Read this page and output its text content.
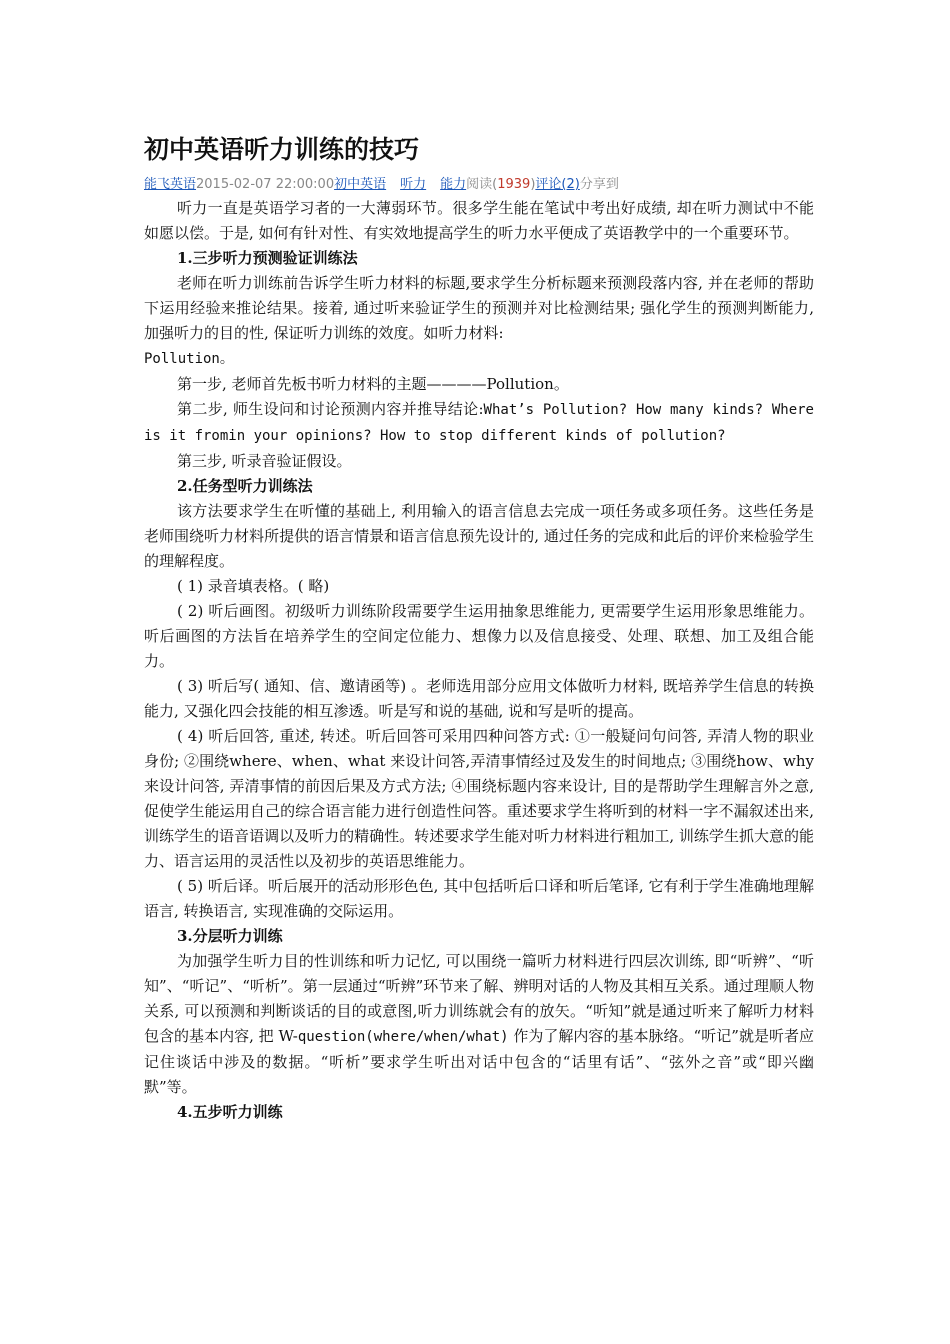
初中英语听力训练的技巧
能飞英语2015-02-07 22:00:00初中英语 听力 能力阅读(1939)评论(2)分享到

听力一直是英语学习者的一大薄弱环节。很多学生能在笔试中考出好成绩, 却在听力测试中不能如愿以偿。于是, 如何有针对性、有实效地提高学生的听力水平便成了英语教学中的一个重要环节。

1.三步听力预测验证训练法

老师在听力训练前告诉学生听力材料的标题,要求学生分析标题来预测段落内容, 并在老师的帮助下运用经验来推论结果。接着, 通过听来验证学生的预测并对比检测结果; 强化学生的预测判断能力, 加强听力的目的性, 保证听力训练的效度。如听力材料:

Pollution。

第一步, 老师首先板书听力材料的主题————Pollution。

第二步, 师生设问和讨论预测内容并推导结论:What’s Pollution? How many kinds? Where is it fromin your opinions? How to stop different kinds of pollution?

第三步, 听录音验证假设。

2.任务型听力训练法

该方法要求学生在听懂的基础上, 利用输入的语言信息去完成一项任务或多项任务。这些任务是老师围绕听力材料所提供的语言情景和语言信息预先设计的, 通过任务的完成和此后的评价来检验学生的理解程度。

( 1) 录音填表格。( 略)

( 2) 听后画图。初级听力训练阶段需要学生运用抽象思维能力, 更需要学生运用形象思维能力。听后画图的方法旨在培养学生的空间定位能力、想像力以及信息接受、处理、联想、加工及组合能力。

( 3) 听后写( 通知、信、邀请函等) 。老师选用部分应用文体做听力材料, 既培养学生信息的转换能力, 又强化四会技能的相互渗透。听是写和说的基础, 说和写是听的提高。

( 4) 听后回答, 重述, 转述。听后回答可采用四种问答方式: ①一般疑问句问答, 弄清人物的职业身份; ②围绕where、when、what 来设计问答,弄清事情经过及发生的时间地点; ③围绕how、why来设计问答, 弄清事情的前因后果及方式方法; ④围绕标题内容来设计, 目的是帮助学生理解言外之意, 促使学生能运用自己的综合语言能力进行创造性问答。重述要求学生将听到的材料一字不漏叙述出来, 训练学生的语音语调以及听力的精确性。转述要求学生能对听力材料进行粗加工, 训练学生抓大意的能力、语言运用的灵活性以及初步的英语思维能力。

( 5) 听后译。听后展开的活动形形色色, 其中包括听后口译和听后笔译, 它有利于学生准确地理解语言, 转换语言, 实现准确的交际运用。

3.分层听力训练

为加强学生听力目的性训练和听力记忆, 可以围绕一篇听力材料进行四层次训练, 即“听辨”、“听知”、“听记”、“听析”。第一层通过“听辨”环节来了解、辨明对话的人物及其相互关系。通过理顺人物关系, 可以预测和判断谈话的目的或意图,听力训练就会有的放矢。“听知”就是通过听来了解听力材料包含的基本内容, 把 W-question(where/when/what) 作为了解内容的基本脉络。“听记”就是听者应记住谈话中涉及的数据。“听析”要求学生听出对话中包含的“话里有话”、“弦外之音”或“即兴幽默”等。

4.五步听力训练
